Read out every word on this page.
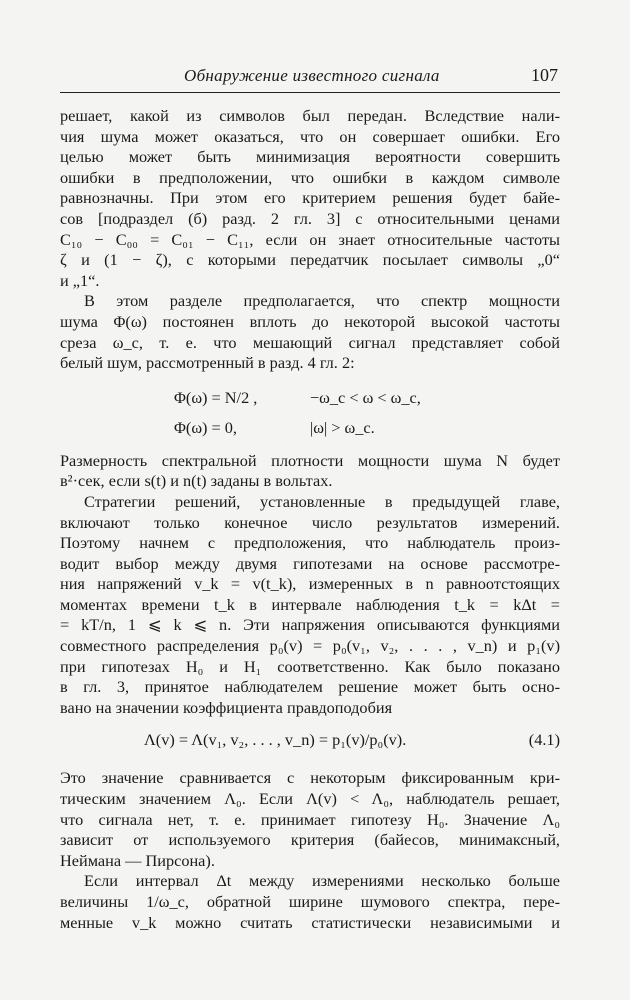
Обнаружение известного сигнала	107

решает, какой из символов был передан. Вследствие нали-

чия шума может оказаться, что он совершает ошибки. Его

целью может быть минимизация вероятности совершить

ошибки в предположении, что ошибки в каждом символе

равнозначны. При этом его критерием решения будет байе-

сов [подраздел (б) разд. 2 гл. 3] с относительными ценами

C₁₀ − C₀₀ = C₀₁ − C₁₁, если он знает относительные частоты

ζ и (1 − ζ), с которыми передатчик посылает символы „0“

и „1“.

В этом разделе предполагается, что спектр мощности

шума Φ(ω) постоянен вплоть до некоторой высокой частоты

среза ω_c, т. е. что мешающий сигнал представляет собой

белый шум, рассмотренный в разд. 4 гл. 2:

Φ(ω) = N/2 ,	−ω_c < ω < ω_c,
Φ(ω) = 0,	|ω| > ω_c.

Размерность спектральной плотности мощности шума N будет

в²·сек, если s(t) и n(t) заданы в вольтах.

Стратегии решений, установленные в предыдущей главе,

включают только конечное число результатов измерений.

Поэтому начнем с предположения, что наблюдатель произ-

водит выбор между двумя гипотезами на основе рассмотре-

ния напряжений v_k = v(t_k), измеренных в n равноотстоящих

моментах времени t_k в интервале наблюдения t_k = kΔt =

= kT/n, 1 ⩽ k ⩽ n. Эти напряжения описываются функциями

совместного распределения p₀(v) = p₀(v₁, v₂, . . . , v_n) и p₁(v)

при гипотезах H₀ и H₁ соответственно. Как было показано

в гл. 3, принятое наблюдателем решение может быть осно-

вано на значении коэффициента правдоподобия

Λ(v) = Λ(v₁, v₂, . . . , v_n) = p₁(v)/p₀(v).	(4.1)

Это значение сравнивается с некоторым фиксированным кри-

тическим значением Λ₀. Если Λ(v) < Λ₀, наблюдатель решает,

что сигнала нет, т. е. принимает гипотезу H₀. Значение Λ₀

зависит от используемого критерия (байесов, минимаксный,

Неймана — Пирсона).

Если интервал Δt между измерениями несколько больше

величины 1/ω_c, обратной ширине шумового спектра, пере-

менные v_k можно считать статистически независимыми и
